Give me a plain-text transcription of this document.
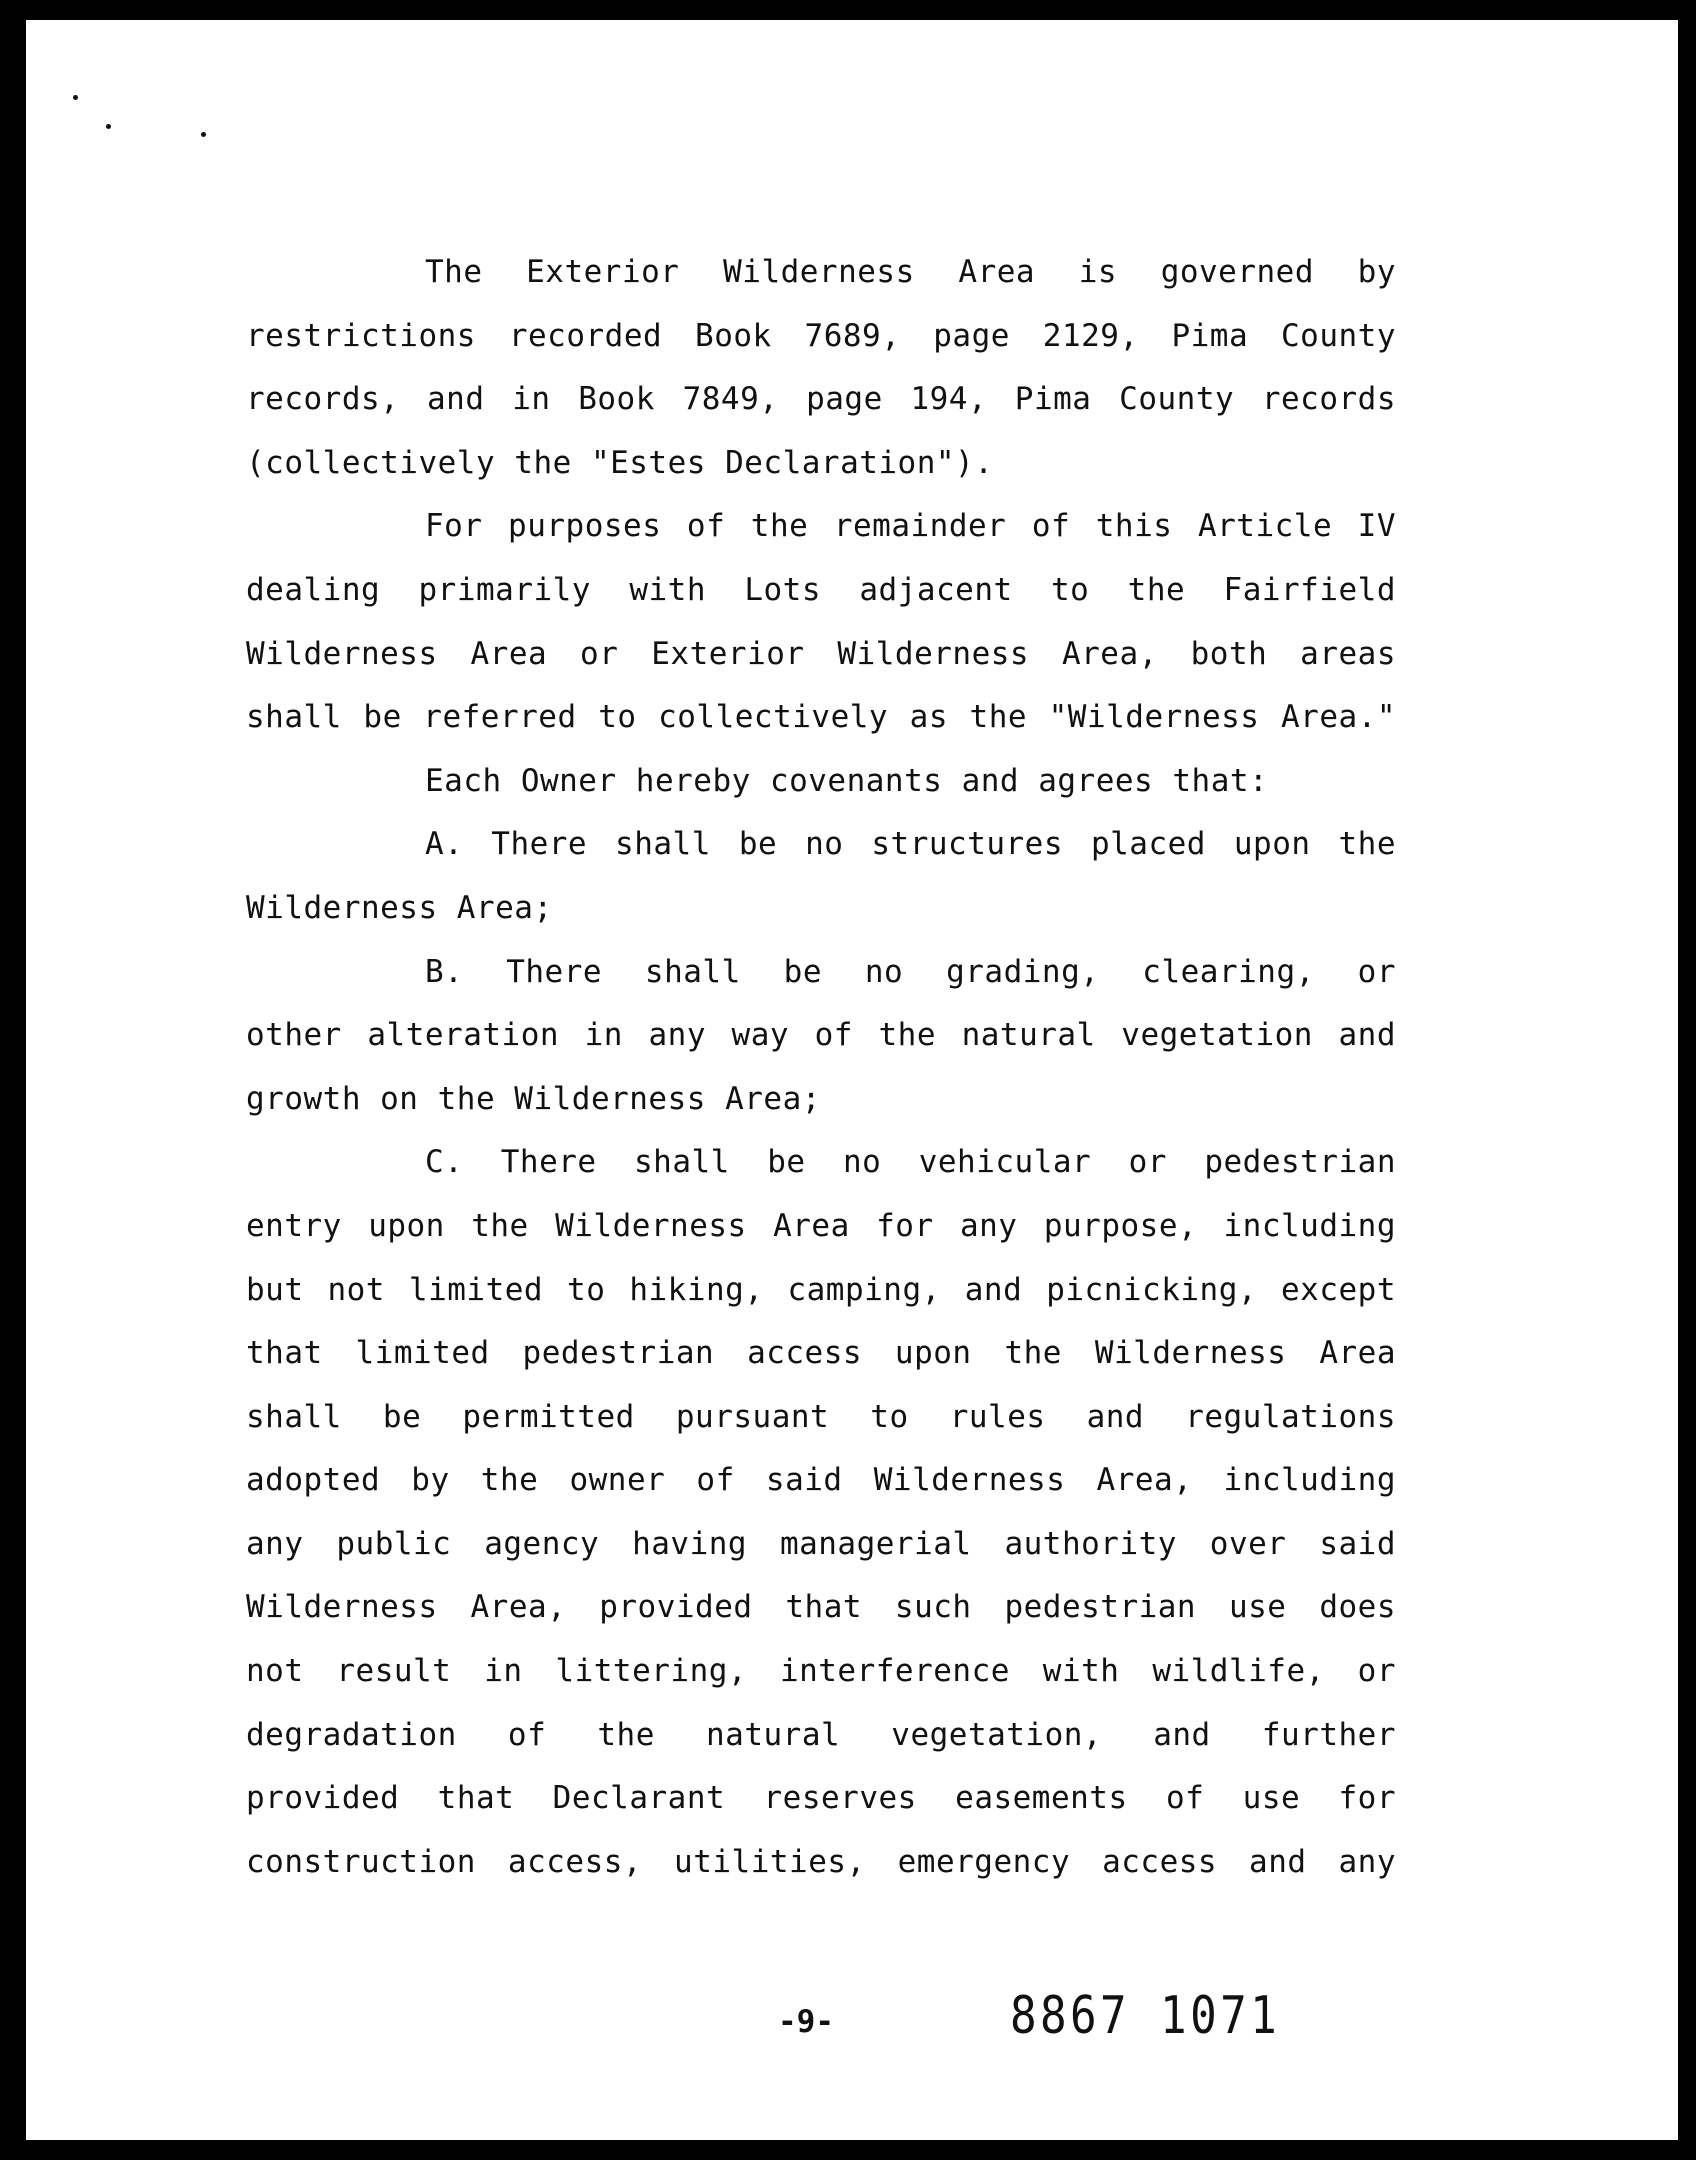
The Exterior Wilderness Area is governed by
restrictions recorded Book 7689, page 2129, Pima County
records, and in Book 7849, page 194, Pima County records
(collectively the "Estes Declaration").
For purposes of the remainder of this Article IV
dealing primarily with Lots adjacent to the Fairfield
Wilderness Area or Exterior Wilderness Area, both areas
shall be referred to collectively as the "Wilderness Area."
Each Owner hereby covenants and agrees that:
A. There shall be no structures placed upon the
Wilderness Area;
B. There shall be no grading, clearing, or
other alteration in any way of the natural vegetation and
growth on the Wilderness Area;
C. There shall be no vehicular or pedestrian
entry upon the Wilderness Area for any purpose, including
but not limited to hiking, camping, and picnicking, except
that limited pedestrian access upon the Wilderness Area
shall be permitted pursuant to rules and regulations
adopted by the owner of said Wilderness Area, including
any public agency having managerial authority over said
Wilderness Area, provided that such pedestrian use does
not result in littering, interference with wildlife, or
degradation of the natural vegetation, and further
provided that Declarant reserves easements of use for
construction access, utilities, emergency access and any
-9-	8867 1071
